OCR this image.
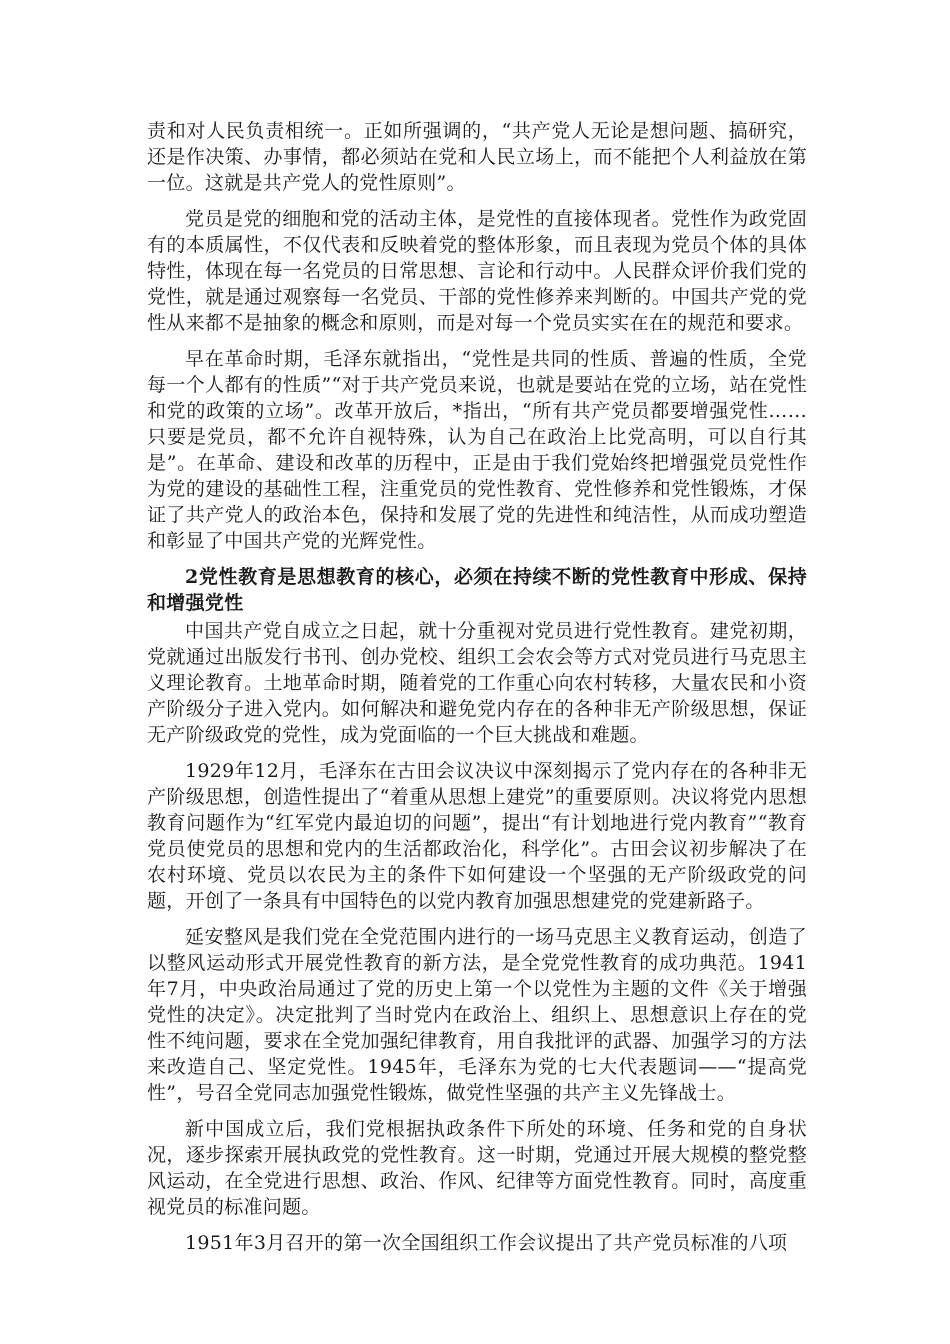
责和对人民负责相统一。正如所强调的，“共产党人无论是想问题、搞研究，还是作决策、办事情，都必须站在党和人民立场上，而不能把个人利益放在第一位。这就是共产党人的党性原则”。

党员是党的细胞和党的活动主体，是党性的直接体现者。党性作为政党固有的本质属性，不仅代表和反映着党的整体形象，而且表现为党员个体的具体特性，体现在每一名党员的日常思想、言论和行动中。人民群众评价我们党的党性，就是通过观察每一名党员、干部的党性修养来判断的。中国共产党的党性从来都不是抽象的概念和原则，而是对每一个党员实实在在的规范和要求。

早在革命时期，毛泽东就指出，“党性是共同的性质、普遍的性质，全党每一个人都有的性质”“对于共产党员来说，也就是要站在党的立场，站在党性和党的政策的立场”。改革开放后，*指出，“所有共产党员都要增强党性……只要是党员，都不允许自视特殊，认为自己在政治上比党高明，可以自行其是”。在革命、建设和改革的历程中，正是由于我们党始终把增强党员党性作为党的建设的基础性工程，注重党员的党性教育、党性修养和党性锻炼，才保证了共产党人的政治本色，保持和发展了党的先进性和纯洁性，从而成功塑造和彰显了中国共产党的光辉党性。

2党性教育是思想教育的核心，必须在持续不断的党性教育中形成、保持和增强党性

中国共产党自成立之日起，就十分重视对党员进行党性教育。建党初期，党就通过出版发行书刊、创办党校、组织工会农会等方式对党员进行马克思主义理论教育。土地革命时期，随着党的工作重心向农村转移，大量农民和小资产阶级分子进入党内。如何解决和避免党内存在的各种非无产阶级思想，保证无产阶级政党的党性，成为党面临的一个巨大挑战和难题。

1929年12月，毛泽东在古田会议决议中深刻揭示了党内存在的各种非无产阶级思想，创造性提出了“着重从思想上建党”的重要原则。决议将党内思想教育问题作为“红军党内最迫切的问题”，提出“有计划地进行党内教育”“教育党员使党员的思想和党内的生活都政治化，科学化”。古田会议初步解决了在农村环境、党员以农民为主的条件下如何建设一个坚强的无产阶级政党的问题，开创了一条具有中国特色的以党内教育加强思想建党的党建新路子。

延安整风是我们党在全党范围内进行的一场马克思主义教育运动，创造了以整风运动形式开展党性教育的新方法，是全党党性教育的成功典范。1941年7月，中央政治局通过了党的历史上第一个以党性为主题的文件《关于增强党性的决定》。决定批判了当时党内在政治上、组织上、思想意识上存在的党性不纯问题，要求在全党加强纪律教育，用自我批评的武器、加强学习的方法来改造自己、坚定党性。1945年，毛泽东为党的七大代表题词——“提高党性”，号召全党同志加强党性锻炼，做党性坚强的共产主义先锋战士。

新中国成立后，我们党根据执政条件下所处的环境、任务和党的自身状况，逐步探索开展执政党的党性教育。这一时期，党通过开展大规模的整党整风运动，在全党进行思想、政治、作风、纪律等方面党性教育。同时，高度重视党员的标准问题。

1951年3月召开的第一次全国组织工作会议提出了共产党员标准的八项
